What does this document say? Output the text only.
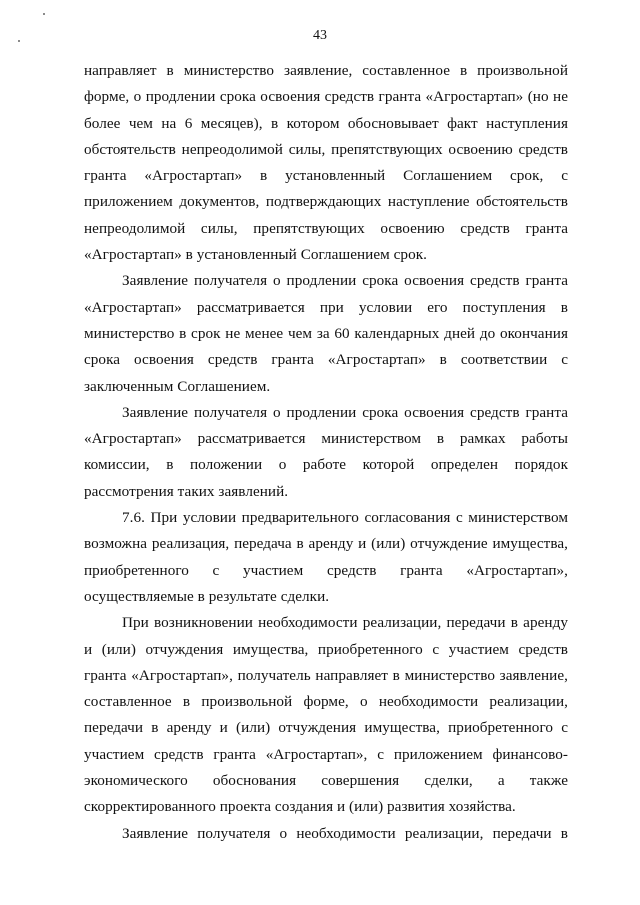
43

направляет в министерство заявление, составленное в произвольной форме, о продлении срока освоения средств гранта «Агростартап» (но не более чем на 6 месяцев), в котором обосновывает факт наступления обстоятельств непреодолимой силы, препятствующих освоению средств гранта «Агростартап» в установленный Соглашением срок, с приложением документов, подтверждающих наступление обстоятельств непреодолимой силы, препятствующих освоению средств гранта «Агростартап» в установленный Соглашением срок.

Заявление получателя о продлении срока освоения средств гранта «Агростартап» рассматривается при условии его поступления в министерство в срок не менее чем за 60 календарных дней до окончания срока освоения средств гранта «Агростартап» в соответствии с заключенным Соглашением.

Заявление получателя о продлении срока освоения средств гранта «Агростартап» рассматривается министерством в рамках работы комиссии, в положении о работе которой определен порядок рассмотрения таких заявлений.

7.6. При условии предварительного согласования с министерством возможна реализация, передача в аренду и (или) отчуждение имущества, приобретенного с участием средств гранта «Агростартап», осуществляемые в результате сделки.

При возникновении необходимости реализации, передачи в аренду и (или) отчуждения имущества, приобретенного с участием средств гранта «Агростартап», получатель направляет в министерство заявление, составленное в произвольной форме, о необходимости реализации, передачи в аренду и (или) отчуждения имущества, приобретенного с участием средств гранта «Агростартап», с приложением финансово-экономического обоснования совершения сделки, а также скорректированного проекта создания и (или) развития хозяйства.

Заявление получателя о необходимости реализации, передачи в
